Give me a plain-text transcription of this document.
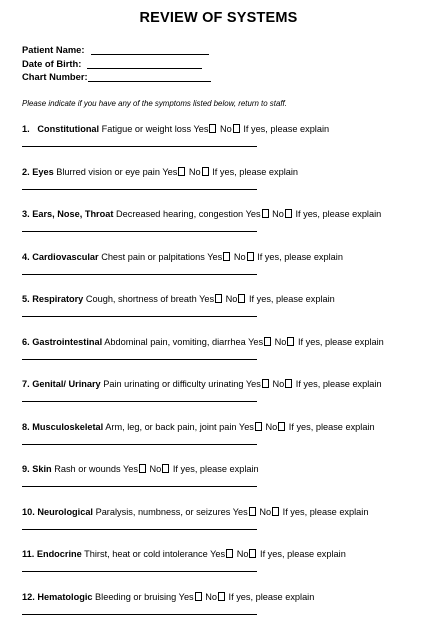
REVIEW OF SYSTEMS
Patient Name:
Date of Birth:
Chart Number:
Please indicate if you have any of the symptoms listed below, return to staff.
1. Constitutional Fatigue or weight loss Yes No If yes, please explain
2. Eyes Blurred vision or eye pain Yes No If yes, please explain
3. Ears, Nose, Throat Decreased hearing, congestion Yes No If yes, please explain
4. Cardiovascular Chest pain or palpitations Yes No If yes, please explain
5. Respiratory Cough, shortness of breath Yes No If yes, please explain
6. Gastrointestinal Abdominal pain, vomiting, diarrhea Yes No If yes, please explain
7. Genital/ Urinary Pain urinating or difficulty urinating Yes No If yes, please explain
8. Musculoskeletal Arm, leg, or back pain, joint pain Yes No If yes, please explain
9. Skin Rash or wounds Yes No If yes, please explain
10. Neurological Paralysis, numbness, or seizures Yes No If yes, please explain
11. Endocrine Thirst, heat or cold intolerance Yes No If yes, please explain
12. Hematologic Bleeding or bruising Yes No If yes, please explain
